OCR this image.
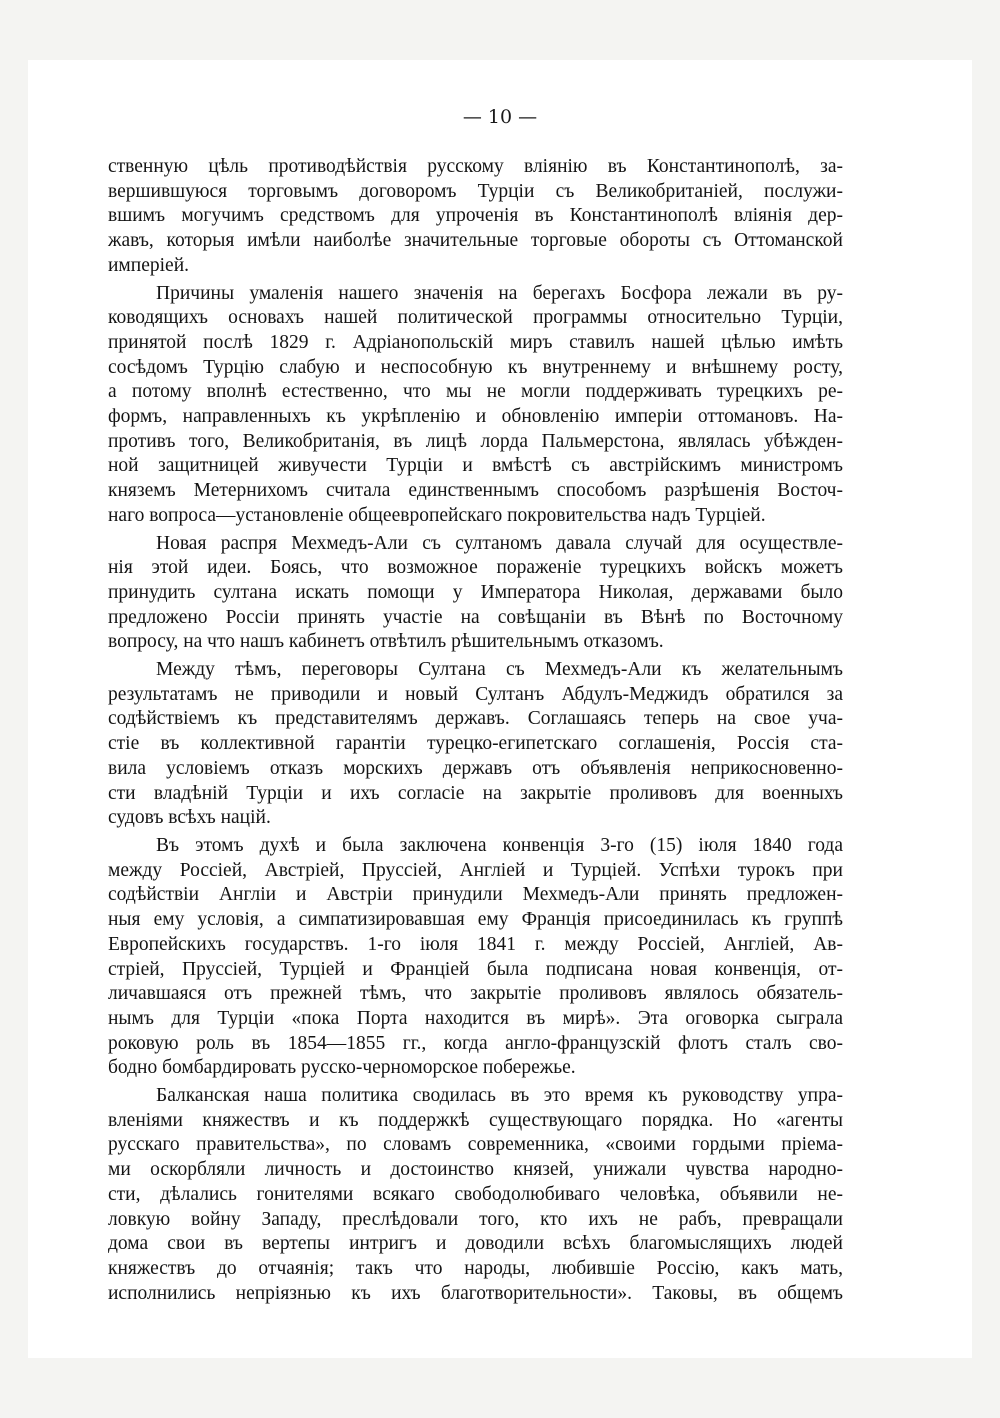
— 10 —
ственную цѣль противодѣйствія русскому вліянію въ Константинополѣ, за-
вершившуюся торговымъ договоромъ Турціи съ Великобританіей, послужи-
вшимъ могучимъ средствомъ для упроченія въ Константинополѣ вліянія дер-
жавъ, которыя имѣли наиболѣе значительные торговые обороты съ Оттоманской
имперіей.
Причины умаленія нашего значенія на берегахъ Босфора лежали въ ру-
ководящихъ основахъ нашей политической программы относительно Турціи,
принятой послѣ 1829 г. Адріанопольскій миръ ставилъ нашей цѣлью имѣть
сосѣдомъ Турцію слабую и неспособную къ внутреннему и внѣшнему росту,
а потому вполнѣ естественно, что мы не могли поддерживать турецкихъ ре-
формъ, направленныхъ къ укрѣпленію и обновленію имперіи оттомановъ. На-
противъ того, Великобританія, въ лицѣ лорда Пальмерстона, являлась убѣжден-
ной защитницей живучести Турціи и вмѣстѣ съ австрійскимъ министромъ
княземъ Метернихомъ считала единственнымъ способомъ разрѣшенія Восточ-
наго вопроса—установленіе общеевропейскаго покровительства надъ Турціей.
Новая распря Мехмедъ-Али съ султаномъ давала случай для осуществле-
нія этой идеи. Боясь, что возможное пораженіе турецкихъ войскъ можетъ
принудить султана искать помощи у Императора Николая, державами было
предложено Россіи принять участіе на совѣщаніи въ Вѣнѣ по Восточному
вопросу, на что нашъ кабинетъ отвѣтилъ рѣшительнымъ отказомъ.
Между тѣмъ, переговоры Султана съ Мехмедъ-Али къ желательнымъ
результатамъ не приводили и новый Султанъ Абдулъ-Меджидъ обратился за
содѣйствіемъ къ представителямъ державъ. Соглашаясь теперь на свое уча-
стіе въ коллективной гарантіи турецко-египетскаго соглашенія, Россія ста-
вила условіемъ отказъ морскихъ державъ отъ объявленія неприкосновенно-
сти владѣній Турціи и ихъ согласіе на закрытіе проливовъ для военныхъ
судовъ всѣхъ націй.
Въ этомъ духѣ и была заключена конвенція 3-го (15) іюля 1840 года
между Россіей, Австріей, Пруссіей, Англіей и Турціей. Успѣхи турокъ при
содѣйствіи Англіи и Австріи принудили Мехмедъ-Али принять предложен-
ныя ему условія, а симпатизировавшая ему Франція присоединилась къ группѣ
Европейскихъ государствъ. 1-го іюля 1841 г. между Россіей, Англіей, Ав-
стріей, Пруссіей, Турціей и Франціей была подписана новая конвенція, от-
личавшаяся отъ прежней тѣмъ, что закрытіе проливовъ являлось обязатель-
нымъ для Турціи «пока Порта находится въ мирѣ». Эта оговорка сыграла
роковую роль въ 1854—1855 гг., когда англо-французскій флотъ сталъ сво-
бодно бомбардировать русско-черноморское побережье.
Балканская наша политика сводилась въ это время къ руководству упра-
вленіями княжествъ и къ поддержкѣ существующаго порядка. Но «агенты
русскаго правительства», по словамъ современника, «своими гордыми пріема-
ми оскорбляли личность и достоинство князей, унижали чувства народно-
сти, дѣлались гонителями всякаго свободолюбиваго человѣка, объявили не-
ловкую войну Западу, преслѣдовали того, кто ихъ не рабъ, превращали
дома свои въ вертепы интригъ и доводили всѣхъ благомыслящихъ людей
княжествъ до отчаянія; такъ что народы, любившіе Россію, какъ мать,
исполнились непріязнью къ ихъ благотворительности». Таковы, въ общемъ
